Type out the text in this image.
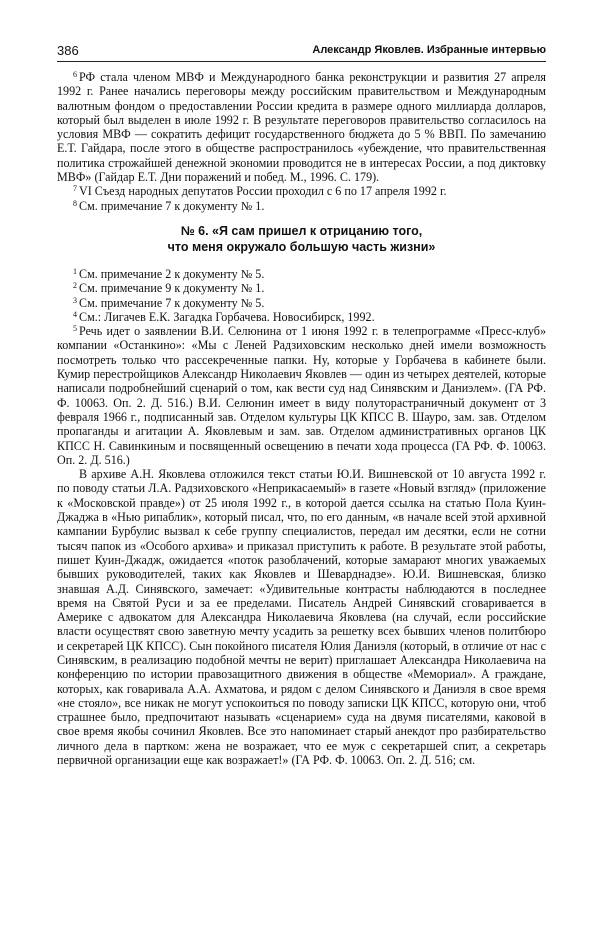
386	Александр Яковлев. Избранные интервью

$^6$ РФ стала членом МВФ и Международного банка реконструкции и развития 27 апреля 1992 г. Ранее начались переговоры между российским правительством и Международным валютным фондом о предоставлении России кредита в размере одного миллиарда долларов, который был выделен в июле 1992 г. В результате переговоров правительство согласилось на условия МВФ — сократить дефицит государственного бюджета до 5 % ВВП. По замечанию Е.Т. Гайдара, после этого в обществе распространилось «убеждение, что правительственная политика строжайшей денежной экономии проводится не в интересах России, а под диктовку МВФ» (Гайдар Е.Т. Дни поражений и побед. М., 1996. С. 179).

$^7$ VI Съезд народных депутатов России проходил с 6 по 17 апреля 1992 г.

$^8$ См. примечание 7 к документу № 1.

№ 6. «Я сам пришел к отрицанию того,
что меня окружало большую часть жизни»

$^1$ См. примечание 2 к документу № 5.

$^2$ См. примечание 9 к документу № 1.

$^3$ См. примечание 7 к документу № 5.

$^4$ См.: Лигачев Е.К. Загадка Горбачева. Новосибирск, 1992.

$^5$ Речь идет о заявлении В.И. Селюнина от 1 июня 1992 г. в телепрограмме «Пресс-клуб» компании «Останкино»: «Мы с Леней Радзиховским несколько дней имели возможность посмотреть только что рассекреченные папки. Ну, которые у Горбачева в кабинете были. Кумир перестройщиков Александр Николаевич Яковлев — один из четырех деятелей, которые написали подробнейший сценарий о том, как вести суд над Синявским и Даниэлем». (ГА РФ. Ф. 10063. Оп. 2. Д. 516.) В.И. Селюнин имеет в виду полуторастраничный документ от 3 февраля 1966 г., подписанный зав. Отделом культуры ЦК КПСС В. Шауро, зам. зав. Отделом пропаганды и агитации А. Яковлевым и зам. зав. Отделом административных органов ЦК КПСС Н. Савинкиным и посвященный освещению в печати хода процесса (ГА РФ. Ф. 10063. Оп. 2. Д. 516.)

В архиве А.Н. Яковлева отложился текст статьи Ю.И. Вишневской от 10 августа 1992 г. по поводу статьи Л.А. Радзиховского «Неприкасаемый» в газете «Новый взгляд» (приложение к «Московской правде») от 25 июля 1992 г., в которой дается ссылка на статью Пола Куин-Джаджа в «Нью рипаблик», который писал, что, по его данным, «в начале всей этой архивной кампании Бурбулис вызвал к себе группу специалистов, передал им десятки, если не сотни тысяч папок из «Особого архива» и приказал приступить к работе. В результате этой работы, пишет Куин-Джадж, ожидается «поток разоблачений, которые замарают многих уважаемых бывших руководителей, таких как Яковлев и Шеварднадзе». Ю.И. Вишневская, близко знавшая А.Д. Синявского, замечает: «Удивительные контрасты наблюдаются в последнее время на Святой Руси и за ее пределами. Писатель Андрей Синявский сговаривается в Америке с адвокатом для Александра Николаевича Яковлева (на случай, если российские власти осуществят свою заветную мечту усадить за решетку всех бывших членов политбюро и секретарей ЦК КПСС). Сын покойного писателя Юлия Даниэля (который, в отличие от нас с Синявским, в реализацию подобной мечты не верит) приглашает Александра Николаевича на конференцию по истории правозащитного движения в обществе «Мемориал». А граждане, которых, как говаривала А.А. Ахматова, и рядом с делом Синявского и Даниэля в свое время «не стояло», все никак не могут успокоиться по поводу записки ЦК КПСС, которую они, чтоб страшнее было, предпочитают называть «сценарием» суда на двумя писателями, каковой в свое время якобы сочинил Яковлев. Все это напоминает старый анекдот про разбирательство личного дела в партком: жена не возражает, что ее муж с секретаршей спит, а секретарь первичной организации еще как возражает!» (ГА РФ. Ф. 10063. Оп. 2. Д. 516; см.
